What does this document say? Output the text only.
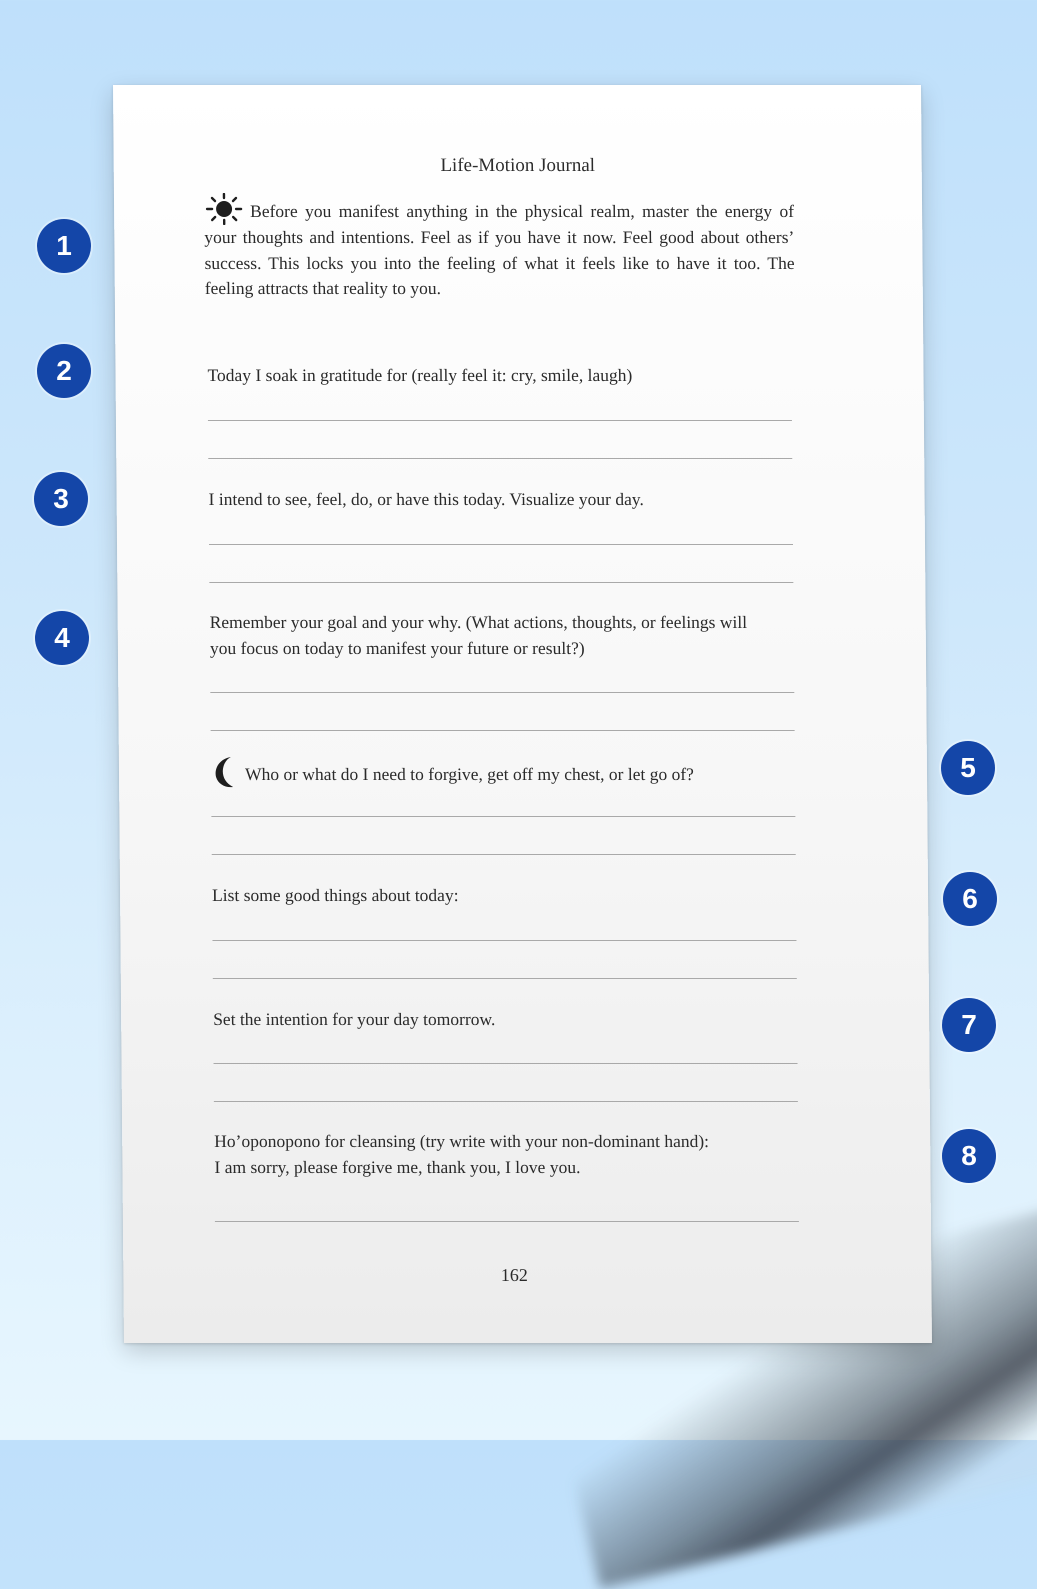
Life-Motion Journal
Before you manifest anything in the physical realm, master the energy of your thoughts and intentions. Feel as if you have it now. Feel good about others’ success. This locks you into the feeling of what it feels like to have it too. The feeling attracts that reality to you.
Today I soak in gratitude for (really feel it: cry, smile, laugh)
I intend to see, feel, do, or have this today. Visualize your day.
Remember your goal and your why. (What actions, thoughts, or feelings will you focus on today to manifest your future or result?)
Who or what do I need to forgive, get off my chest, or let go of?
List some good things about today:
Set the intention for your day tomorrow.
Ho’oponopono for cleansing (try write with your non-dominant hand):
I am sorry, please forgive me, thank you, I love you.
162
1
2
3
4
5
6
7
8
